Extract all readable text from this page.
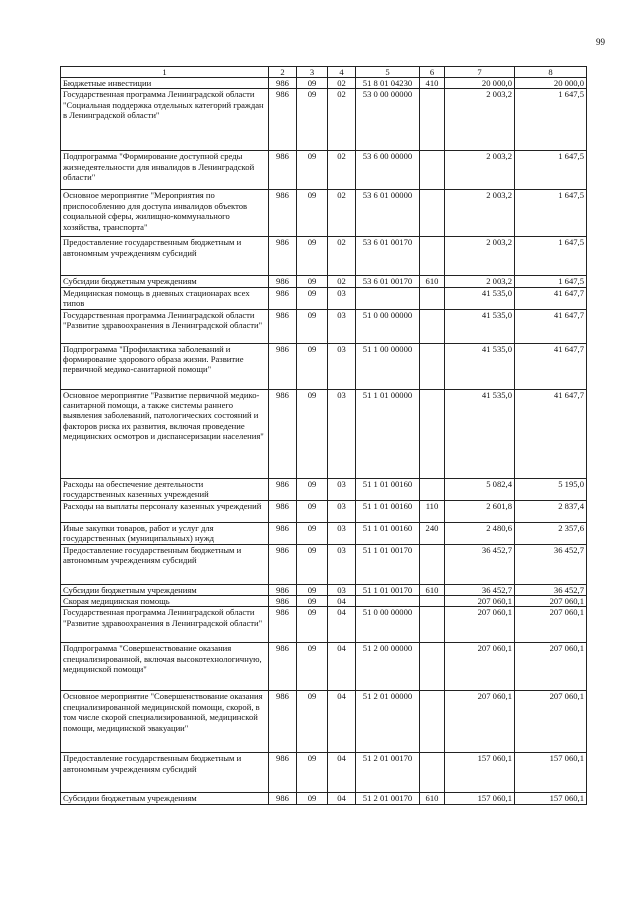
99
1	2	3	4	5	6	7	8
Бюджетные инвестиции	986	09	02	51 8 01 04230	410	20 000,0	20 000,0
Государственная программа Ленинградской области "Социальная поддержка отдельных категорий граждан в Ленинградской области"	986	09	02	53 0 00 00000		2 003,2	1 647,5
Подпрограмма "Формирование доступной среды жизнедеятельности для инвалидов в Ленинградской области"	986	09	02	53 6 00 00000		2 003,2	1 647,5
Основное мероприятие "Мероприятия по приспособлению для доступа инвалидов объектов социальной сферы, жилищно-коммунального хозяйства, транспорта"	986	09	02	53 6 01 00000		2 003,2	1 647,5
Предоставление государственным бюджетным и автономным учреждениям субсидий	986	09	02	53 6 01 00170		2 003,2	1 647,5
Субсидии бюджетным учреждениям	986	09	02	53 6 01 00170	610	2 003,2	1 647,5
Медицинская помощь в дневных стационарах всех типов	986	09	03			41 535,0	41 647,7
Государственная программа Ленинградской области "Развитие здравоохранения в Ленинградской области"	986	09	03	51 0 00 00000		41 535,0	41 647,7
Подпрограмма "Профилактика заболеваний и формирование здорового образа жизни. Развитие первичной медико-санитарной помощи"	986	09	03	51 1 00 00000		41 535,0	41 647,7
Основное мероприятие "Развитие первичной медико-санитарной помощи, а также системы раннего выявления заболеваний, патологических состояний и факторов риска их развития, включая проведение медицинских осмотров и диспансеризации населения"	986	09	03	51 1 01 00000		41 535,0	41 647,7
Расходы на обеспечение деятельности государственных казенных учреждений	986	09	03	51 1 01 00160		5 082,4	5 195,0
Расходы на выплаты персоналу казенных учреждений	986	09	03	51 1 01 00160	110	2 601,8	2 837,4
Иные закупки товаров, работ и услуг для государственных (муниципальных) нужд	986	09	03	51 1 01 00160	240	2 480,6	2 357,6
Предоставление государственным бюджетным и автономным учреждениям субсидий	986	09	03	51 1 01 00170		36 452,7	36 452,7
Субсидии бюджетным учреждениям	986	09	03	51 1 01 00170	610	36 452,7	36 452,7
Скорая медицинская помощь	986	09	04			207 060,1	207 060,1
Государственная программа Ленинградской области "Развитие здравоохранения в Ленинградской области"	986	09	04	51 0 00 00000		207 060,1	207 060,1
Подпрограмма "Совершенствование оказания специализированной, включая высокотехнологичную, медицинской помощи"	986	09	04	51 2 00 00000		207 060,1	207 060,1
Основное мероприятие "Совершенствование оказания специализированной медицинской помощи, скорой, в том числе скорой специализированной, медицинской помощи, медицинской эвакуации"	986	09	04	51 2 01 00000		207 060,1	207 060,1
Предоставление государственным бюджетным и автономным учреждениям субсидий	986	09	04	51 2 01 00170		157 060,1	157 060,1
Субсидии бюджетным учреждениям	986	09	04	51 2 01 00170	610	157 060,1	157 060,1
